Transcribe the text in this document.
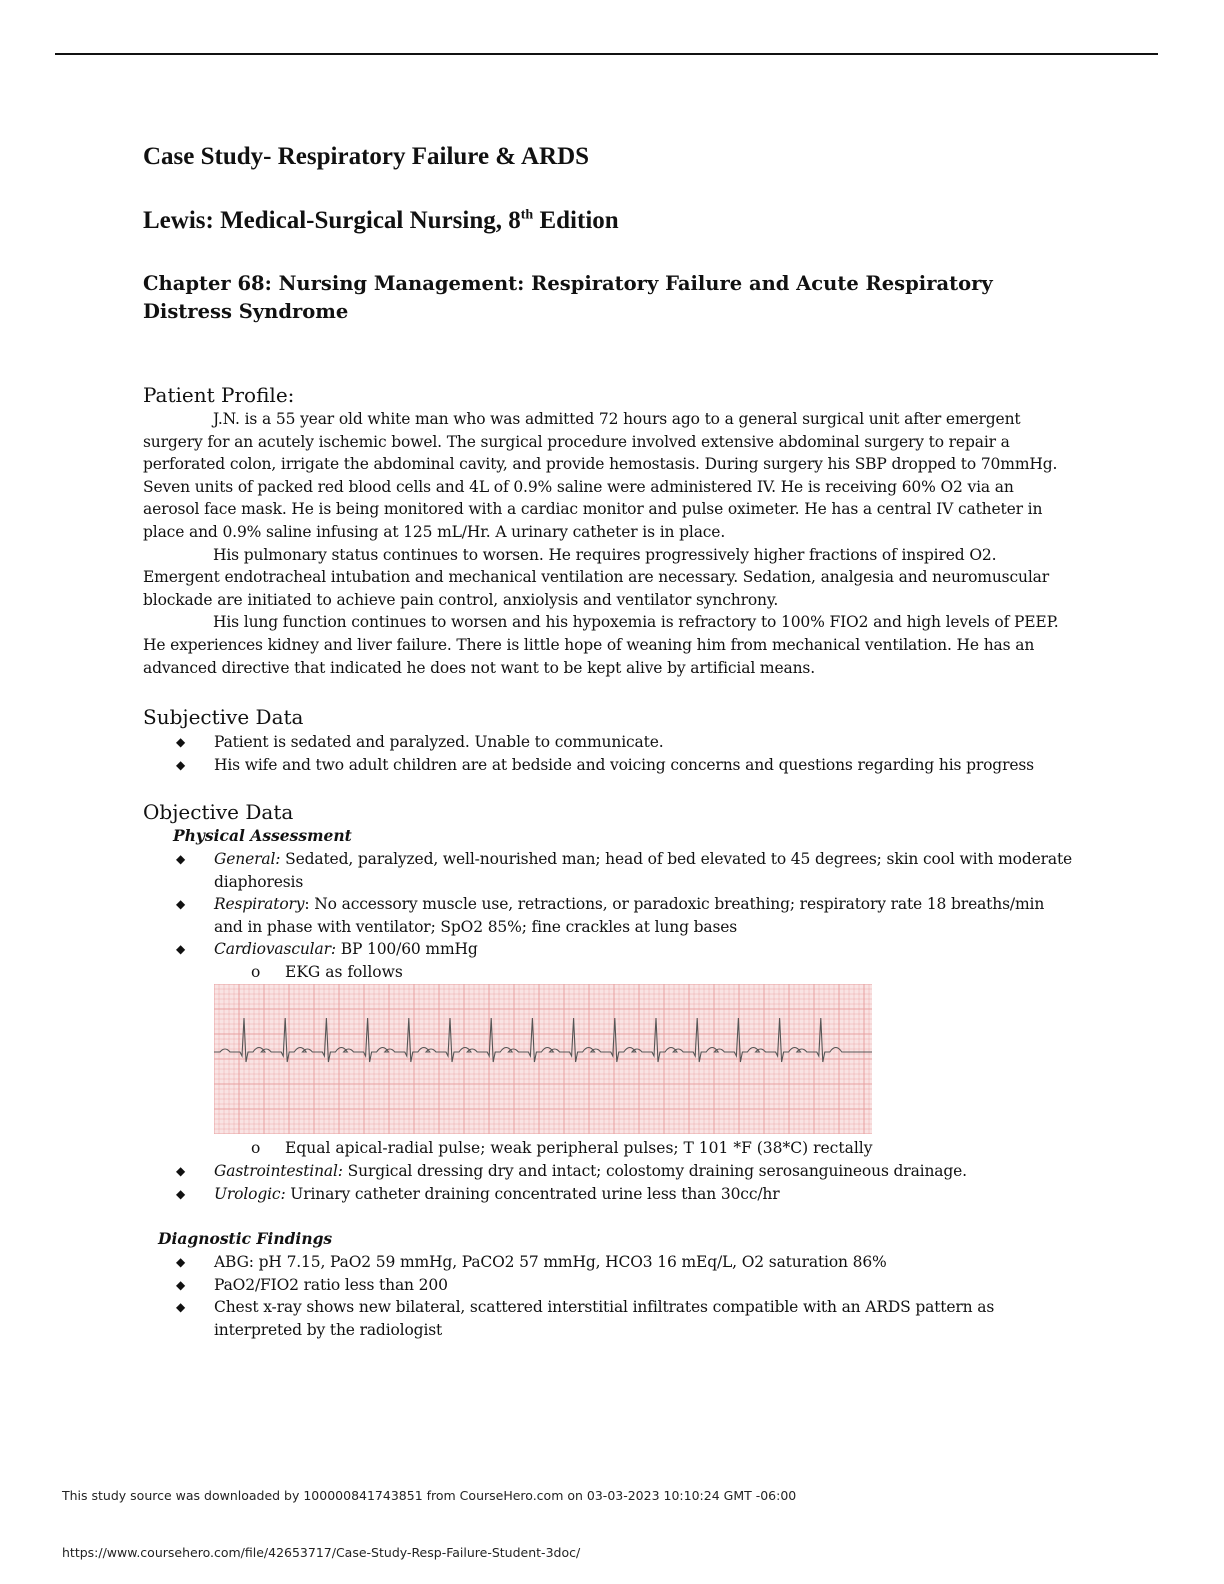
Case Study- Respiratory Failure & ARDS
Lewis: Medical-Surgical Nursing, 8th Edition
Chapter 68: Nursing Management: Respiratory Failure and Acute Respiratory Distress Syndrome
Patient Profile:

J.N. is a 55 year old white man who was admitted 72 hours ago to a general surgical unit after emergent surgery for an acutely ischemic bowel. The surgical procedure involved extensive abdominal surgery to repair a perforated colon, irrigate the abdominal cavity, and provide hemostasis. During surgery his SBP dropped to 70mmHg. Seven units of packed red blood cells and 4L of 0.9% saline were administered IV. He is receiving 60% O2 via an aerosol face mask. He is being monitored with a cardiac monitor and pulse oximeter. He has a central IV catheter in place and 0.9% saline infusing at 125 mL/Hr. A urinary catheter is in place.

His pulmonary status continues to worsen. He requires progressively higher fractions of inspired O2. Emergent endotracheal intubation and mechanical ventilation are necessary. Sedation, analgesia and neuromuscular blockade are initiated to achieve pain control, anxiolysis and ventilator synchrony.

His lung function continues to worsen and his hypoxemia is refractory to 100% FIO2 and high levels of PEEP. He experiences kidney and liver failure. There is little hope of weaning him from mechanical ventilation. He has an advanced directive that indicated he does not want to be kept alive by artificial means.

Subjective Data
◆ Patient is sedated and paralyzed. Unable to communicate.
◆ His wife and two adult children are at bedside and voicing concerns and questions regarding his progress
Objective Data
Physical Assessment
◆ General: Sedated, paralyzed, well-nourished man; head of bed elevated to 45 degrees; skin cool with moderate diaphoresis
◆ Respiratory: No accessory muscle use, retractions, or paradoxic breathing; respiratory rate 18 breaths/min and in phase with ventilator; SpO2 85%; fine crackles at lung bases
◆ Cardiovascular: BP 100/60 mmHg
o EKG as follows
o Equal apical-radial pulse; weak peripheral pulses; T 101 *F (38*C) rectally
◆ Gastrointestinal: Surgical dressing dry and intact; colostomy draining serosanguineous drainage.
◆ Urologic: Urinary catheter draining concentrated urine less than 30cc/hr
Diagnostic Findings
◆ ABG: pH 7.15, PaO2 59 mmHg, PaCO2 57 mmHg, HCO3 16 mEq/L, O2 saturation 86%
◆ PaO2/FIO2 ratio less than 200
◆ Chest x-ray shows new bilateral, scattered interstitial infiltrates compatible with an ARDS pattern as interpreted by the radiologist
This study source was downloaded by 100000841743851 from CourseHero.com on 03-03-2023 10:10:24 GMT -06:00
https://www.coursehero.com/file/42653717/Case-Study-Resp-Failure-Student-3doc/
